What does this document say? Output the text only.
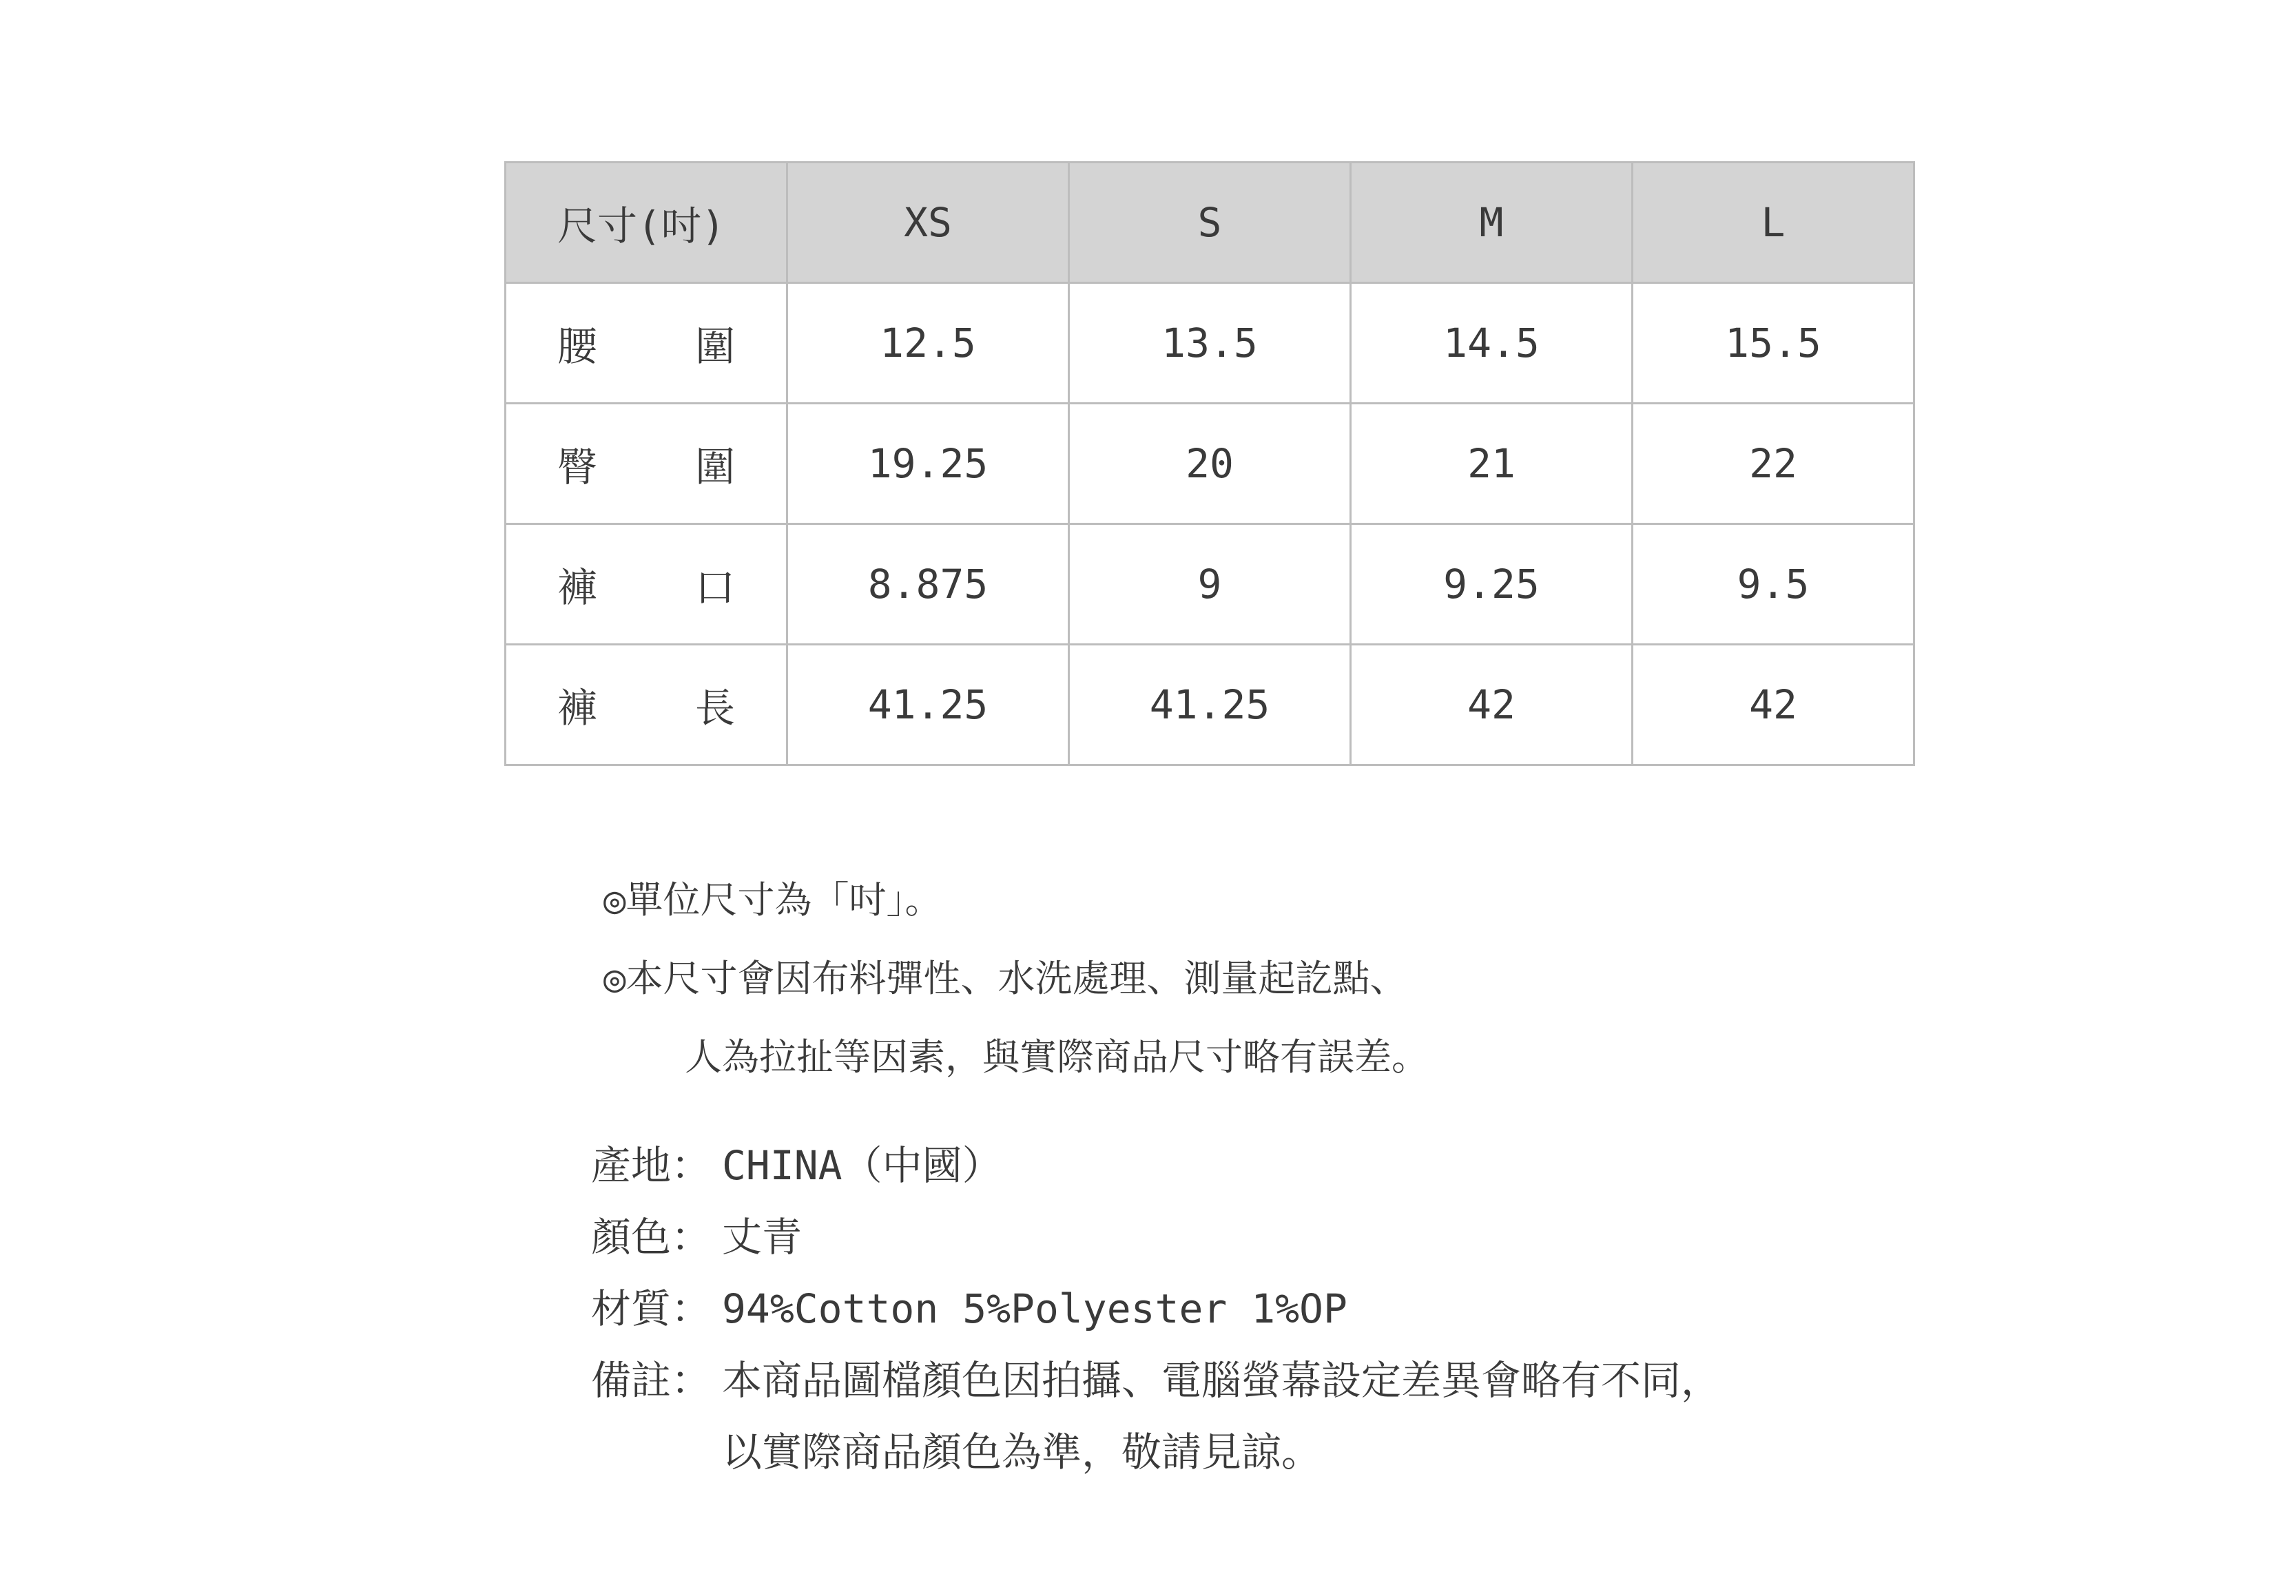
尺寸(吋)	XS	S	M	L

腰 圍	12.5	13.5	14.5	15.5

臀 圍	19.25	20	21	22

褲 口	8.875	9	9.25	9.5

褲 長	41.25	41.25	42	42
◎單位尺寸為「吋」。
◎本尺寸會因布料彈性、水洗處理、測量起訖點、
人為拉扯等因素，與實際商品尺寸略有誤差。
產地： CHINA（中國）
顏色： 丈青
材質： 94%Cotton 5%Polyester 1%OP
備註： 本商品圖檔顏色因拍攝、電腦螢幕設定差異會略有不同，
以實際商品顏色為準，敬請見諒。
